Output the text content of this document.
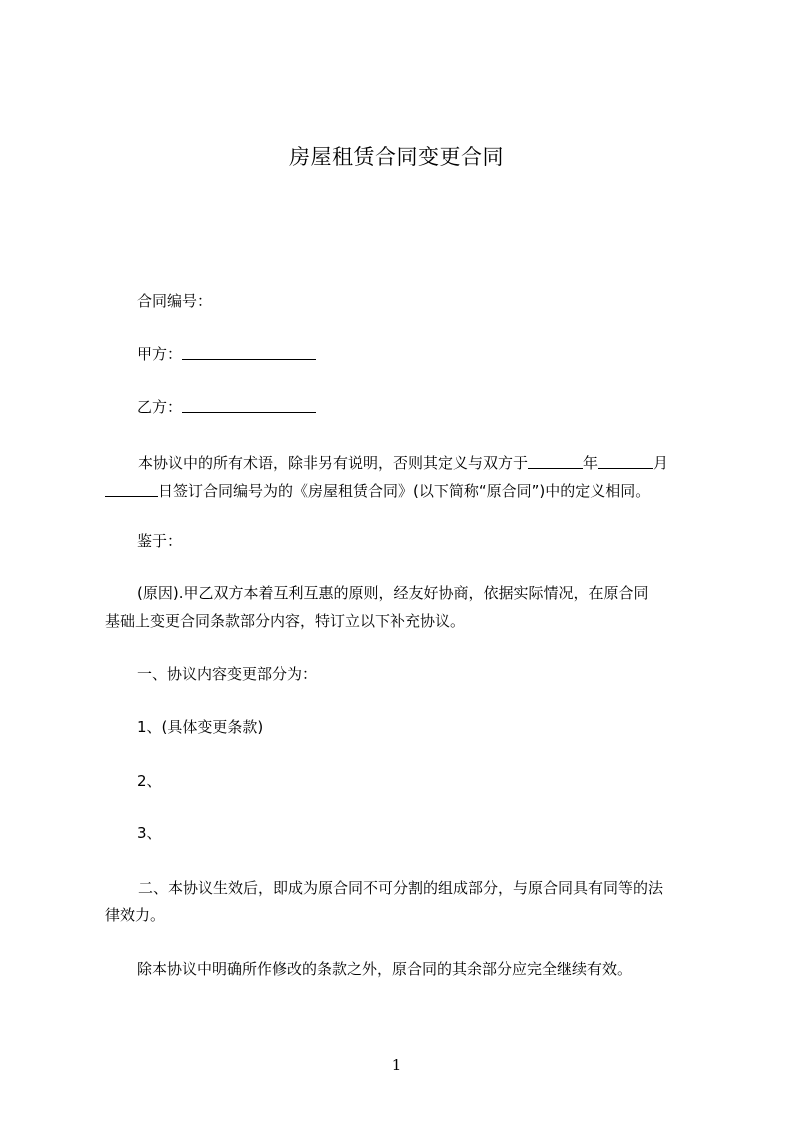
房屋租赁合同变更合同
合同编号：
甲方：
乙方：
本协议中的所有术语，除非另有说明，否则其定义与双方于	年	月
日签订合同编号为的《房屋租赁合同》(以下简称“原合同”)中的定义相同。
鉴于：
(原因).甲乙双方本着互利互惠的原则，经友好协商，依据实际情况，在原合同
基础上变更合同条款部分内容，特订立以下补充协议。
一、协议内容变更部分为：
1、(具体变更条款)
2、
3、
二、本协议生效后，即成为原合同不可分割的组成部分，与原合同具有同等的法
律效力。
除本协议中明确所作修改的条款之外，原合同的其余部分应完全继续有效。
1
